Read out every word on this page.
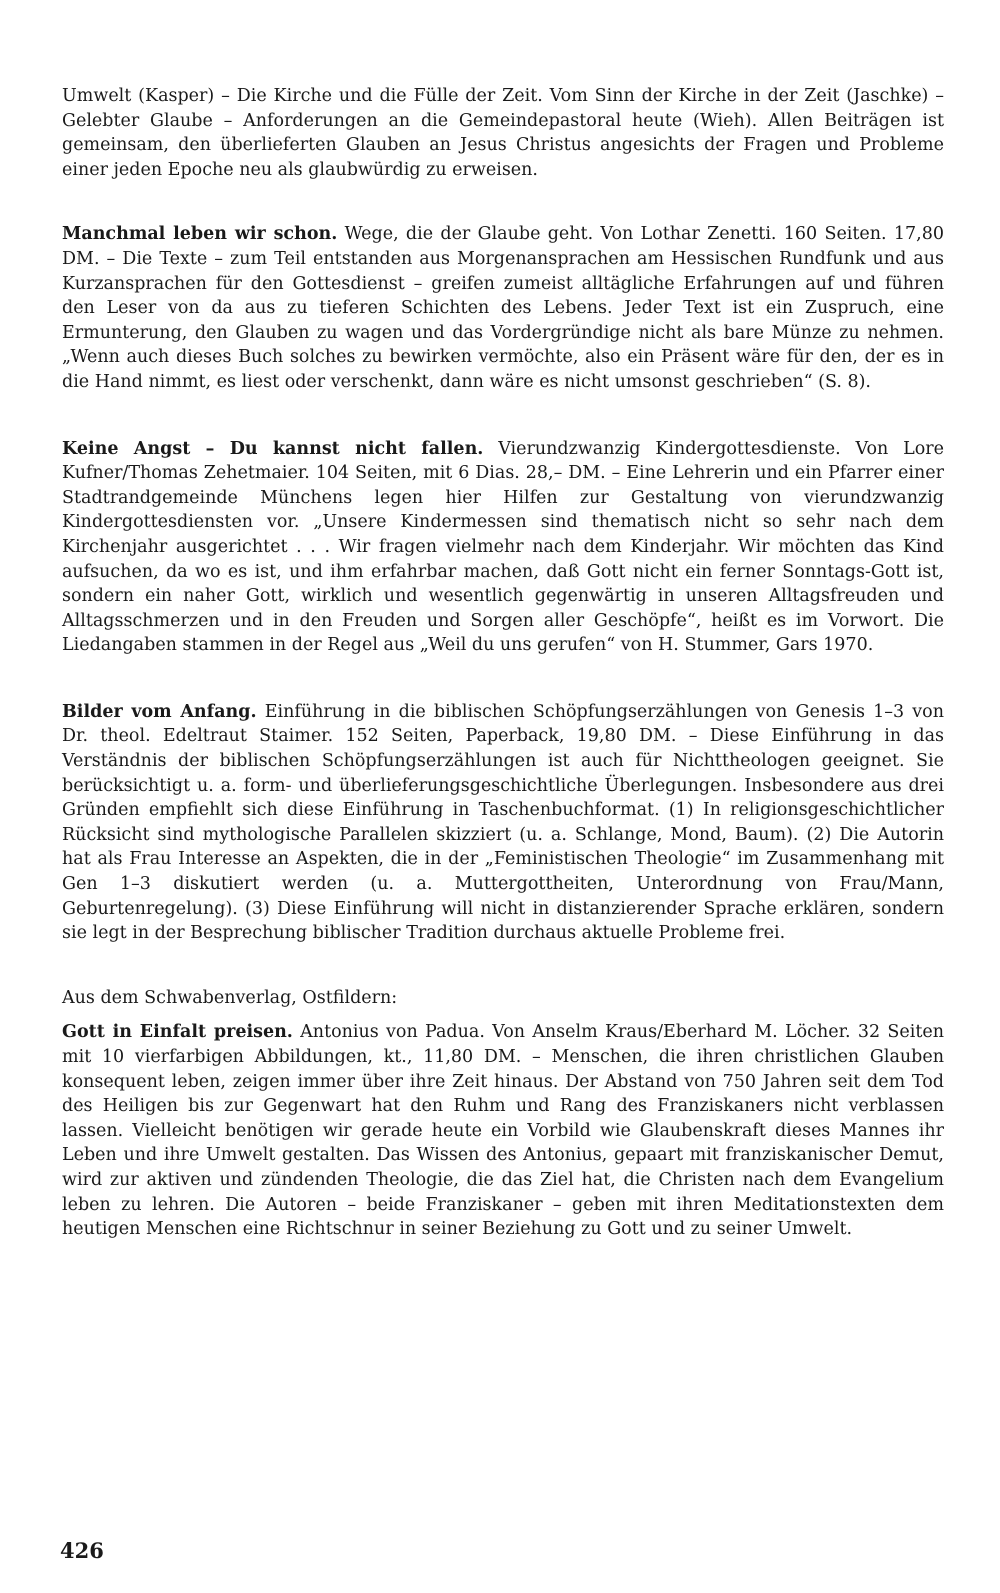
Umwelt (Kasper) – Die Kirche und die Fülle der Zeit. Vom Sinn der Kirche in der Zeit (Jaschke) – Gelebter Glaube – Anforderungen an die Gemeindepastoral heute (Wieh). Allen Beiträgen ist gemeinsam, den überlieferten Glauben an Jesus Christus angesichts der Fragen und Probleme einer jeden Epoche neu als glaubwürdig zu erweisen.

Manchmal leben wir schon. Wege, die der Glaube geht. Von Lothar Zenetti. 160 Seiten. 17,80 DM. – Die Texte – zum Teil entstanden aus Morgenansprachen am Hessischen Rundfunk und aus Kurzansprachen für den Gottesdienst – greifen zumeist alltägliche Erfahrungen auf und führen den Leser von da aus zu tieferen Schichten des Lebens. Jeder Text ist ein Zuspruch, eine Ermunterung, den Glauben zu wagen und das Vordergründige nicht als bare Münze zu nehmen. „Wenn auch dieses Buch solches zu bewirken vermöchte, also ein Präsent wäre für den, der es in die Hand nimmt, es liest oder verschenkt, dann wäre es nicht umsonst geschrieben“ (S. 8).

Keine Angst – Du kannst nicht fallen. Vierundzwanzig Kindergottesdienste. Von Lore Kufner/Thomas Zehetmaier. 104 Seiten, mit 6 Dias. 28,– DM. – Eine Lehrerin und ein Pfarrer einer Stadtrandgemeinde Münchens legen hier Hilfen zur Gestaltung von vierundzwanzig Kindergottesdiensten vor. „Unsere Kindermessen sind thematisch nicht so sehr nach dem Kirchenjahr ausgerichtet . . . Wir fragen vielmehr nach dem Kinderjahr. Wir möchten das Kind aufsuchen, da wo es ist, und ihm erfahrbar machen, daß Gott nicht ein ferner Sonntags-Gott ist, sondern ein naher Gott, wirklich und wesentlich gegenwärtig in unseren Alltagsfreuden und Alltagsschmerzen und in den Freuden und Sorgen aller Geschöpfe“, heißt es im Vorwort. Die Liedangaben stammen in der Regel aus „Weil du uns gerufen“ von H. Stummer, Gars 1970.

Bilder vom Anfang. Einführung in die biblischen Schöpfungserzählungen von Genesis 1–3 von Dr. theol. Edeltraut Staimer. 152 Seiten, Paperback, 19,80 DM. – Diese Einführung in das Verständnis der biblischen Schöpfungserzählungen ist auch für Nichttheologen geeignet. Sie berücksichtigt u. a. form- und überlieferungsgeschichtliche Überlegungen. Insbesondere aus drei Gründen empfiehlt sich diese Einführung in Taschenbuchformat. (1) In religionsgeschichtlicher Rücksicht sind mythologische Parallelen skizziert (u. a. Schlange, Mond, Baum). (2) Die Autorin hat als Frau Interesse an Aspekten, die in der „Feministischen Theologie“ im Zusammenhang mit Gen 1–3 diskutiert werden (u. a. Muttergottheiten, Unterordnung von Frau/Mann, Geburtenregelung). (3) Diese Einführung will nicht in distanzierender Sprache erklären, sondern sie legt in der Besprechung biblischer Tradition durchaus aktuelle Probleme frei.

Aus dem Schwabenverlag, Ostfildern:

Gott in Einfalt preisen. Antonius von Padua. Von Anselm Kraus/Eberhard M. Löcher. 32 Seiten mit 10 vierfarbigen Abbildungen, kt., 11,80 DM. – Menschen, die ihren christlichen Glauben konsequent leben, zeigen immer über ihre Zeit hinaus. Der Abstand von 750 Jahren seit dem Tod des Heiligen bis zur Gegenwart hat den Ruhm und Rang des Franziskaners nicht verblassen lassen. Vielleicht benötigen wir gerade heute ein Vorbild wie Glaubenskraft dieses Mannes ihr Leben und ihre Umwelt gestalten. Das Wissen des Antonius, gepaart mit franziskanischer Demut, wird zur aktiven und zündenden Theologie, die das Ziel hat, die Christen nach dem Evangelium leben zu lehren. Die Autoren – beide Franziskaner – geben mit ihren Meditationstexten dem heutigen Menschen eine Richtschnur in seiner Beziehung zu Gott und zu seiner Umwelt.

426
